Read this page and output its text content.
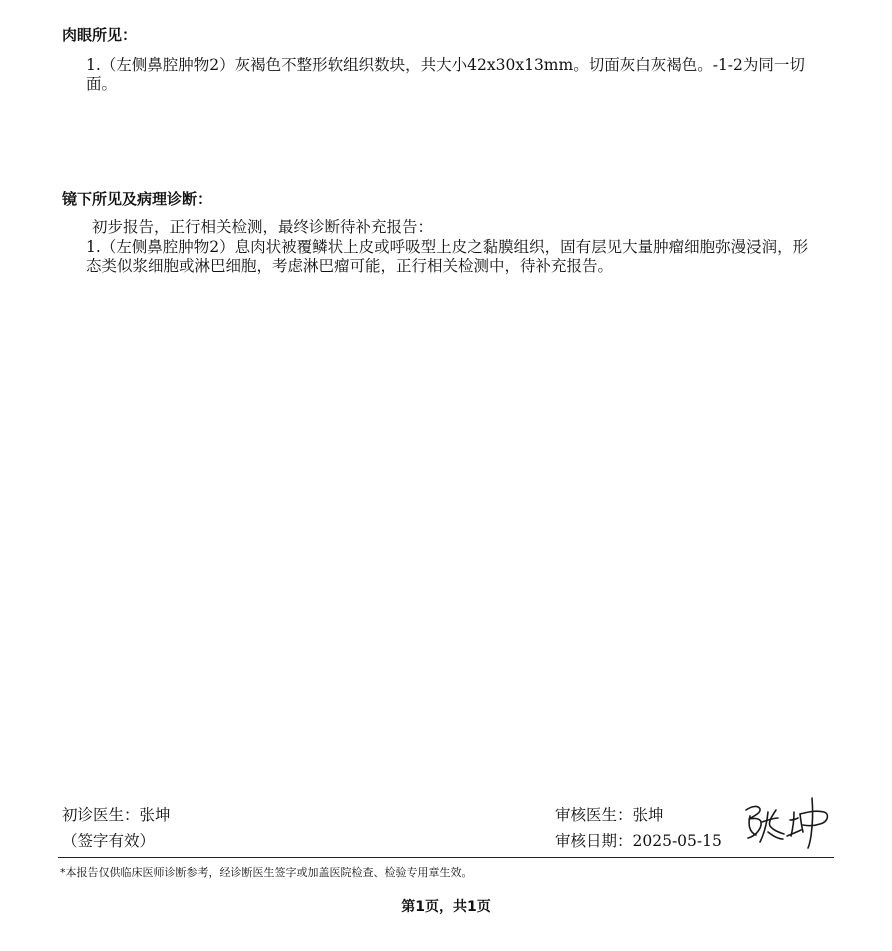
肉眼所见：

1.（左侧鼻腔肿物2）灰褐色不整形软组织数块，共大小42x30x13mm。切面灰白灰褐色。-1-2为同一切面。

镜下所见及病理诊断：

初步报告，正行相关检测，最终诊断待补充报告：

1.（左侧鼻腔肿物2）息肉状被覆鳞状上皮或呼吸型上皮之黏膜组织，固有层见大量肿瘤细胞弥漫浸润，形态类似浆细胞或淋巴细胞，考虑淋巴瘤可能，正行相关检测中，待补充报告。

初诊医生：张坤

（签字有效）

审核医生：张坤

审核日期：2025-05-15

*本报告仅供临床医师诊断参考，经诊断医生签字或加盖医院检查、检验专用章生效。

第1页，共1页
